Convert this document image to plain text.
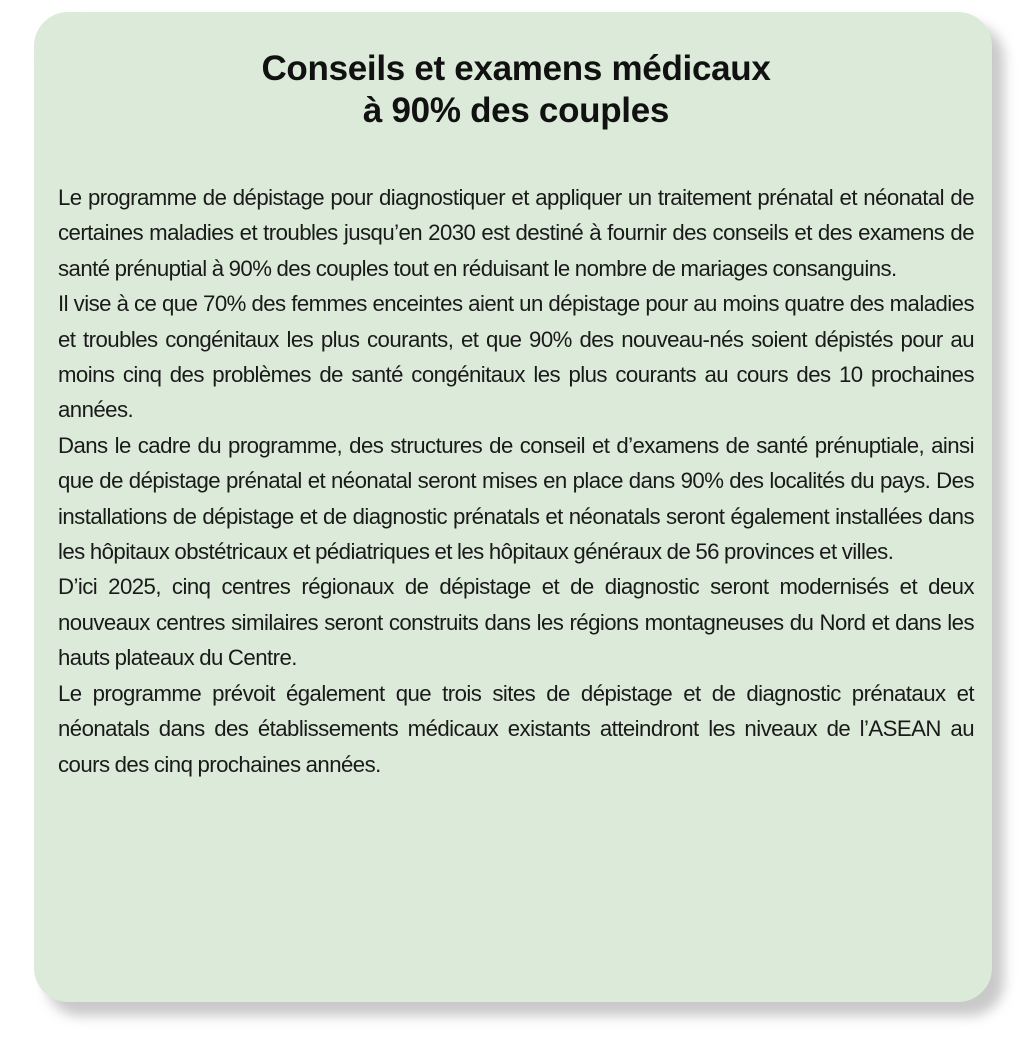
Conseils et examens médicaux
à 90% des couples

Le programme de dépistage pour diagnostiquer et appliquer un traitement prénatal et néonatal de certaines maladies et troubles jusqu’en 2030 est destiné à fournir des conseils et des examens de santé prénuptial à 90% des couples tout en réduisant le nombre de mariages consanguins.

Il vise à ce que 70% des femmes enceintes aient un dépistage pour au moins quatre des maladies et troubles congénitaux les plus courants, et que 90% des nouveau-nés soient dépistés pour au moins cinq des problèmes de santé congénitaux les plus courants au cours des 10 prochaines années.

Dans le cadre du programme, des structures de conseil et d’examens de santé prénuptiale, ainsi que de dépistage prénatal et néonatal seront mises en place dans 90% des localités du pays. Des installations de dépistage et de diagnostic prénatals et néonatals seront également installées dans les hôpitaux obstétricaux et pédiatriques et les hôpitaux généraux de 56 provinces et villes.

D’ici 2025, cinq centres régionaux de dépistage et de diagnostic seront modernisés et deux nouveaux centres similaires seront construits dans les régions montagneuses du Nord et dans les hauts plateaux du Centre.

Le programme prévoit également que trois sites de dépistage et de diagnostic prénataux et néonatals dans des établissements médicaux existants atteindront les niveaux de l’ASEAN au cours des cinq prochaines années.
